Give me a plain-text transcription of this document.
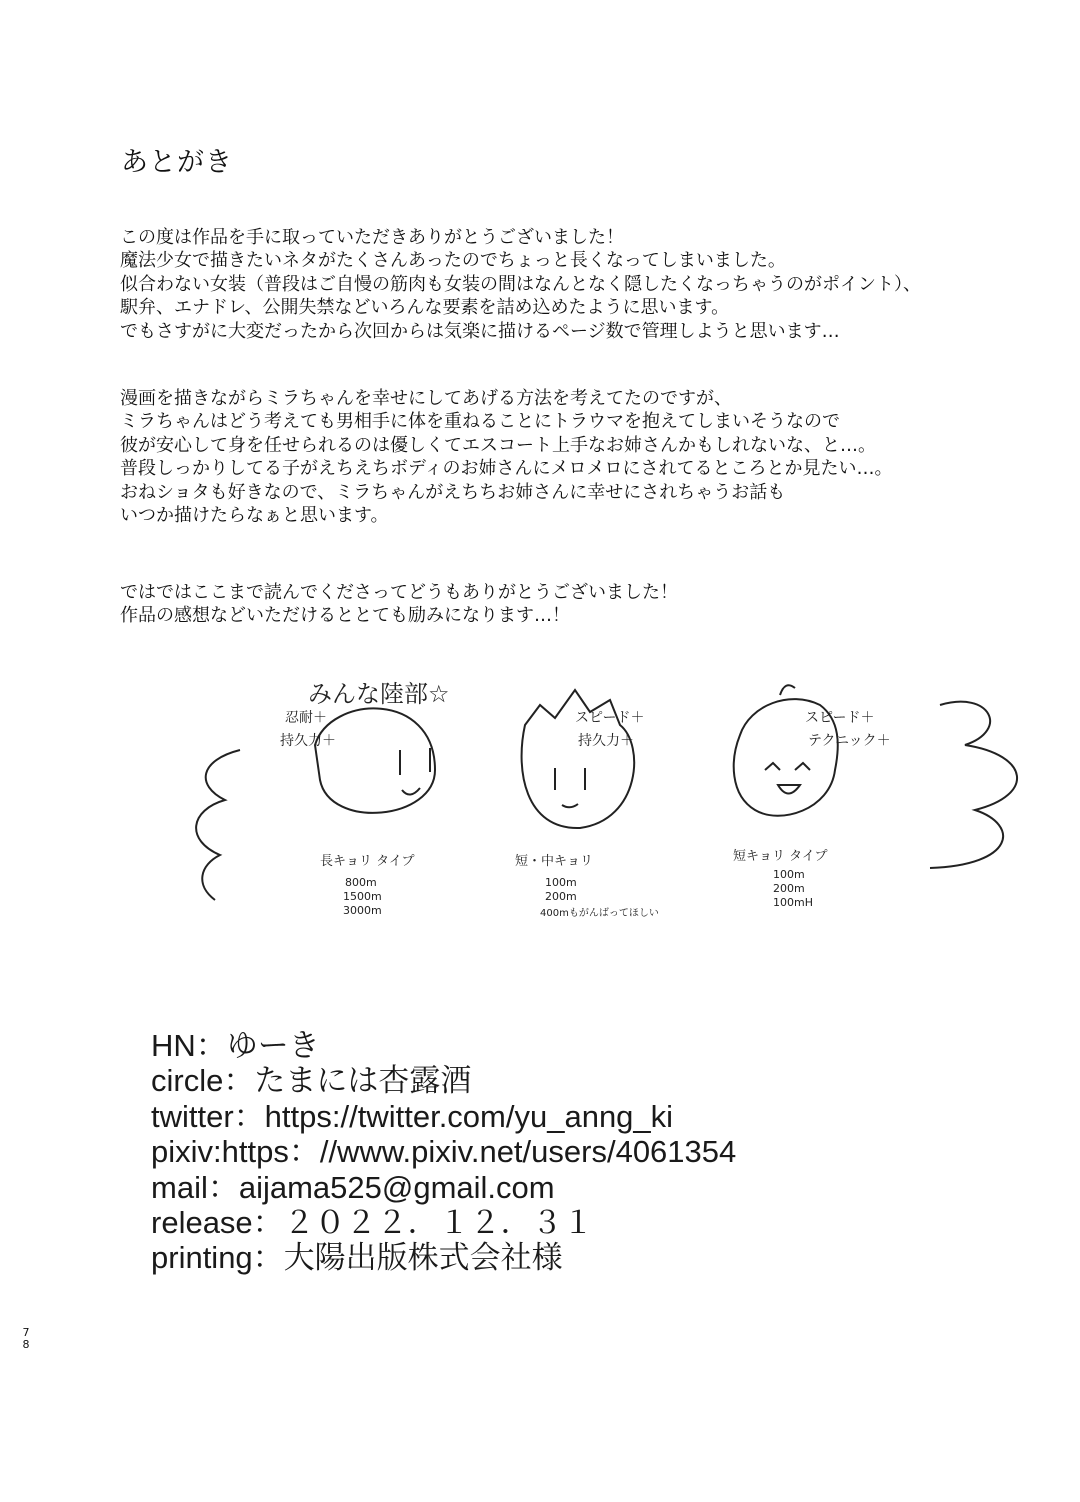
あとがき
この度は作品を手に取っていただきありがとうございました！
魔法少女で描きたいネタがたくさんあったのでちょっと長くなってしまいました。
似合わない女装（普段はご自慢の筋肉も女装の間はなんとなく隠したくなっちゃうのがポイント）、
駅弁、エナドレ、公開失禁などいろんな要素を詰め込めたように思います。
でもさすがに大変だったから次回からは気楽に描けるページ数で管理しようと思います…
漫画を描きながらミラちゃんを幸せにしてあげる方法を考えてたのですが、
ミラちゃんはどう考えても男相手に体を重ねることにトラウマを抱えてしまいそうなので
彼が安心して身を任せられるのは優しくてエスコート上手なお姉さんかもしれないな、と…。
普段しっかりしてる子がえちえちボディのお姉さんにメロメロにされてるところとか見たい…。
おねショタも好きなので、ミラちゃんがえちちお姉さんに幸せにされちゃうお話も
いつか描けたらなぁと思います。
ではではここまで読んでくださってどうもありがとうございました！
作品の感想などいただけるととても励みになります…！
みんな陸部☆
忍耐＋
持久力＋
長キョリ タイプ
800m
1500m
3000m
スピード＋
持久力＋
短・中キョリ
100m
200m
400mもがんばってほしい
スピード＋
テクニック＋
短キョリ タイプ
100m
200m
100mH
HN：ゆーき
circle：たまには杏露酒
twitter：https://twitter.com/yu_anng_ki
pixiv:https：//www.pixiv.net/users/4061354
mail：aijama525@gmail.com
release：２０２２．１２．３１
printing：大陽出版株式会社様
7
8
